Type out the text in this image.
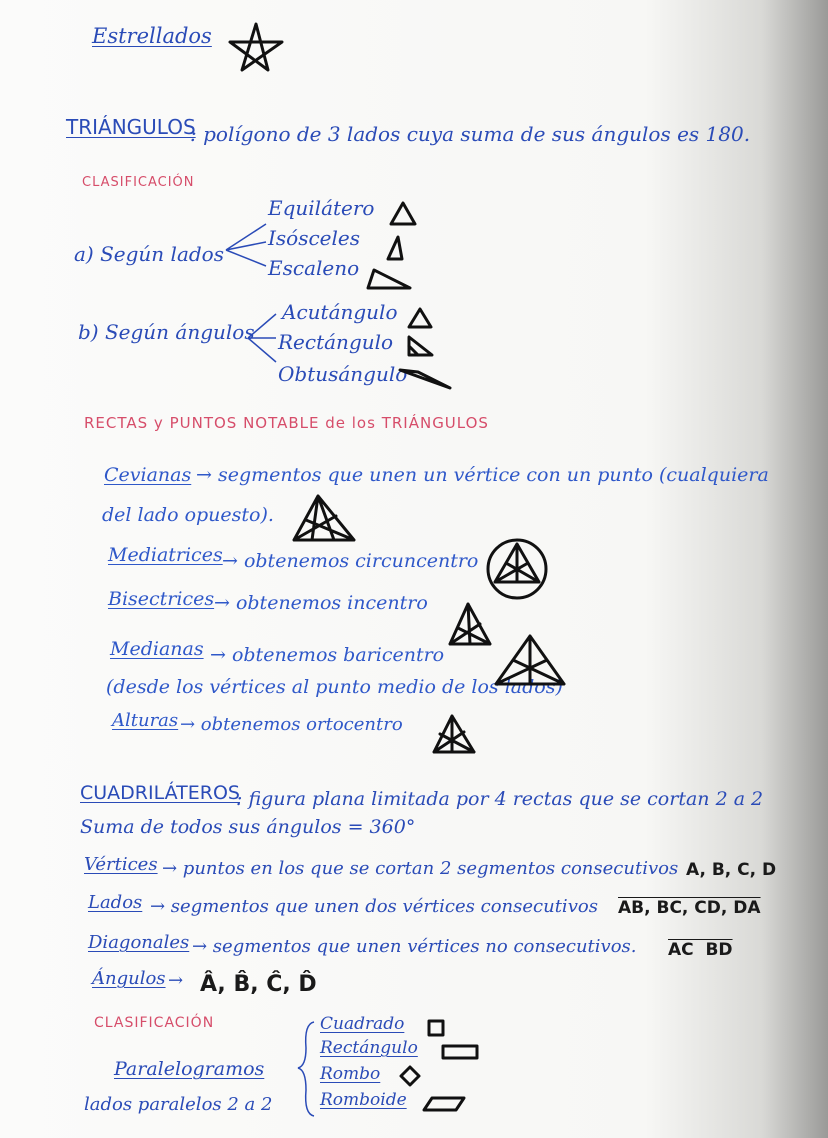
Estrellados
TRIÁNGULOS
: polígono de 3 lados cuya suma de sus ángulos es 180.
CLASIFICACIÓN
a) Según lados
Equilátero
Isósceles
Escaleno
b) Según ángulos
Acutángulo
Rectángulo
Obtusángulo
RECTAS y PUNTOS NOTABLE de los TRIÁNGULOS
Cevianas → segmentos que unen un vértice con un punto (cualquiera
del lado opuesto).
Mediatrices → obtenemos circuncentro
Bisectrices → obtenemos incentro
Medianas → obtenemos baricentro
(desde los vértices al punto medio de los lados)
Alturas → obtenemos ortocentro
CUADRILÁTEROS
: figura plana limitada por 4 rectas que se cortan 2 a 2
Suma de todos sus ángulos = 360°
Vértices → puntos en los que se cortan 2 segmentos consecutivos A, B, C, D
Lados → segmentos que unen dos vértices consecutivos AB, BC, CD, DA
Diagonales → segmentos que unen vértices no consecutivos. AC  BD
Ángulos → Â, B̂, Ĉ, D̂
CLASIFICACIÓN
Paralelogramos
lados paralelos 2 a 2
Cuadrado
Rectángulo
Rombo
Romboide
